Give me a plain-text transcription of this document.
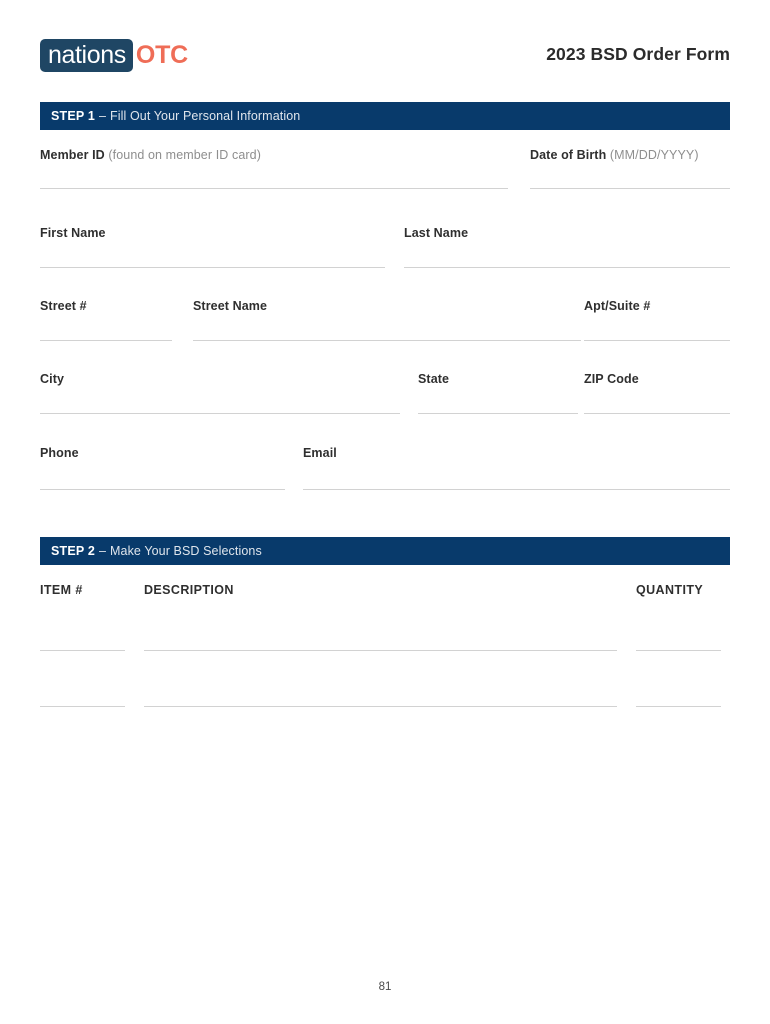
nations OTC	2023 BSD Order Form
STEP 1 – Fill Out Your Personal Information
Member ID (found on member ID card)	Date of Birth (MM/DD/YYYY)
First Name	Last Name
Street #	Street Name	Apt/Suite #
City	State	ZIP Code
Phone	Email
STEP 2 – Make Your BSD Selections
ITEM #	DESCRIPTION	QUANTITY
81
